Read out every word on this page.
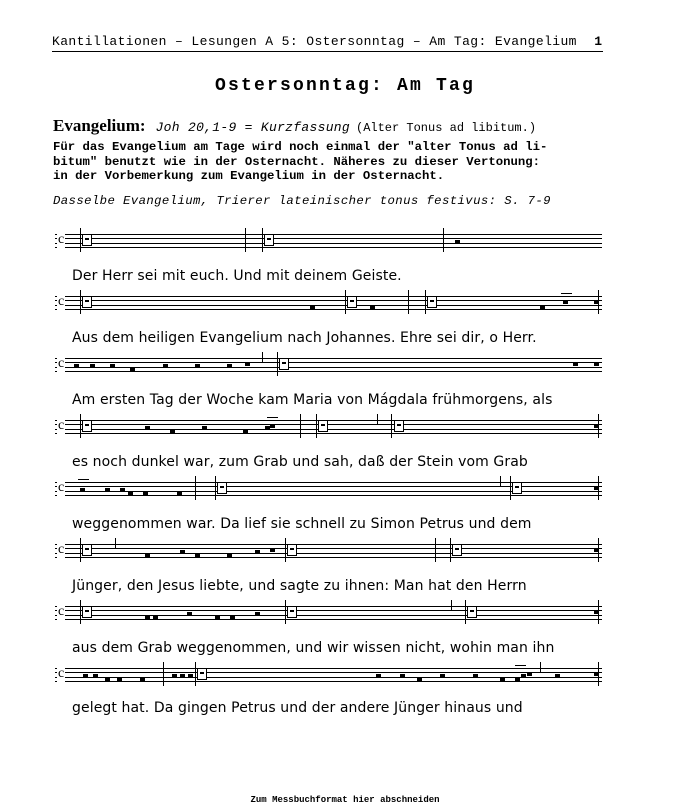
Kantillationen – Lesungen A 5: Ostersonntag – Am Tag: Evangelium 1
Ostersonntag: Am Tag
Evangelium: Joh 20,1-9 = Kurzfassung (Alter Tonus ad libitum.)
Für das Evangelium am Tage wird noch einmal der "alter Tonus ad li-
bitum" benutzt wie in der Osternacht. Näheres zu dieser Vertonung:
in der Vorbemerkung zum Evangelium in der Osternacht.
Dasselbe Evangelium, Trierer lateinischer tonus festivus: S. 7-9
c
Der Herr sei mit euch. Und mit deinem Geiste.
c
Aus dem heiligen Evangelium nach Johannes. Ehre sei dir, o Herr.
c
Am ersten Tag der Woche kam Maria von Mágdala frühmorgens, als
c
es noch dunkel war, zum Grab und sah, daß der Stein vom Grab
c
weggenommen war. Da lief sie schnell zu Simon Petrus und dem
c
Jünger, den Jesus liebte, und sagte zu ihnen: Man hat den Herrn
c
aus dem Grab weggenommen, und wir wissen nicht, wohin man ihn
c
gelegt hat. Da gingen Petrus und der andere Jünger hinaus und
Zum Messbuchformat hier abschneiden
